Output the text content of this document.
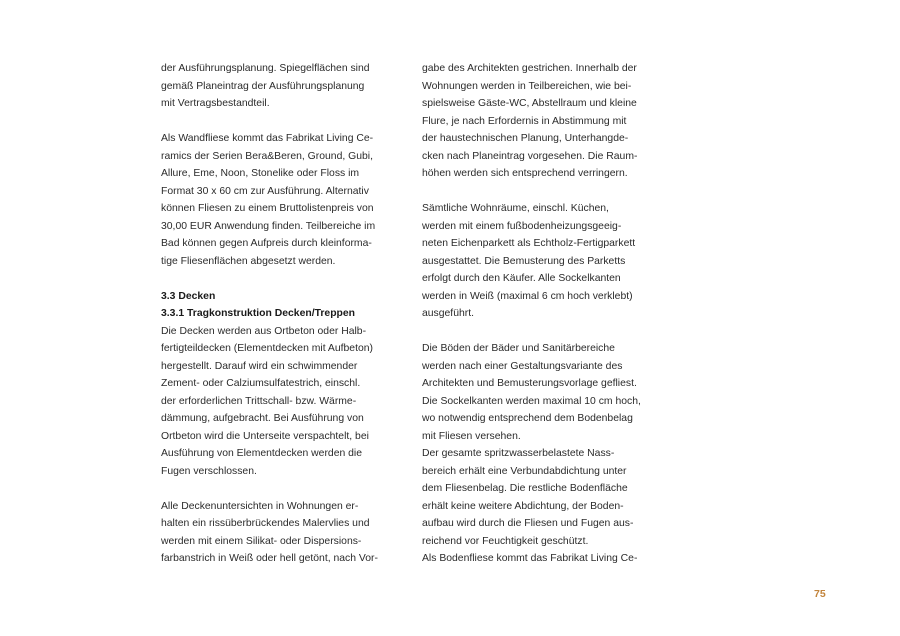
der Ausführungsplanung. Spiegelflächen sind
gemäß Planeintrag der Ausführungsplanung
mit Vertragsbestandteil.
Als Wandfliese kommt das Fabrikat Living Ce-
ramics der Serien Bera&Beren, Ground, Gubi,
Allure, Eme, Noon, Stonelike oder Floss im
Format 30 x 60 cm zur Ausführung. Alternativ
können Fliesen zu einem Bruttolistenpreis von
30,00 EUR Anwendung finden. Teilbereiche im
Bad können gegen Aufpreis durch kleinforma-
tige Fliesenflächen abgesetzt werden.
3.3 Decken
3.3.1 Tragkonstruktion Decken/Treppen
Die Decken werden aus Ortbeton oder Halb-
fertigteildecken (Elementdecken mit Aufbeton)
hergestellt. Darauf wird ein schwimmender
Zement- oder Calziumsulfatestrich, einschl.
der erforderlichen Trittschall- bzw. Wärme-
dämmung, aufgebracht. Bei Ausführung von
Ortbeton wird die Unterseite verspachtelt, bei
Ausführung von Elementdecken werden die
Fugen verschlossen.
Alle Deckenuntersichten in Wohnungen er-
halten ein rissüberbrückendes Malervlies und
werden mit einem Silikat- oder Dispersions-
farbanstrich in Weiß oder hell getönt, nach Vor-
gabe des Architekten gestrichen. Innerhalb der
Wohnungen werden in Teilbereichen, wie bei-
spielsweise Gäste-WC, Abstellraum und kleine
Flure, je nach Erfordernis in Abstimmung mit
der haustechnischen Planung, Unterhangde-
cken nach Planeintrag vorgesehen. Die Raum-
höhen werden sich entsprechend verringern.
Sämtliche Wohnräume, einschl. Küchen,
werden mit einem fußbodenheizungsgeeig-
neten Eichenparkett als Echtholz-Fertigparkett
ausgestattet. Die Bemusterung des Parketts
erfolgt durch den Käufer. Alle Sockelkanten
werden in Weiß (maximal 6 cm hoch verklebt)
ausgeführt.
Die Böden der Bäder und Sanitärbereiche
werden nach einer Gestaltungsvariante des
Architekten und Bemusterungsvorlage gefliest.
Die Sockelkanten werden maximal 10 cm hoch,
wo notwendig entsprechend dem Bodenbelag
mit Fliesen versehen.
Der gesamte spritzwasserbelastete Nass-
bereich erhält eine Verbundabdichtung unter
dem Fliesenbelag. Die restliche Bodenfläche
erhält keine weitere Abdichtung, der Boden-
aufbau wird durch die Fliesen und Fugen aus-
reichend vor Feuchtigkeit geschützt.
Als Bodenfliese kommt das Fabrikat Living Ce-
75
